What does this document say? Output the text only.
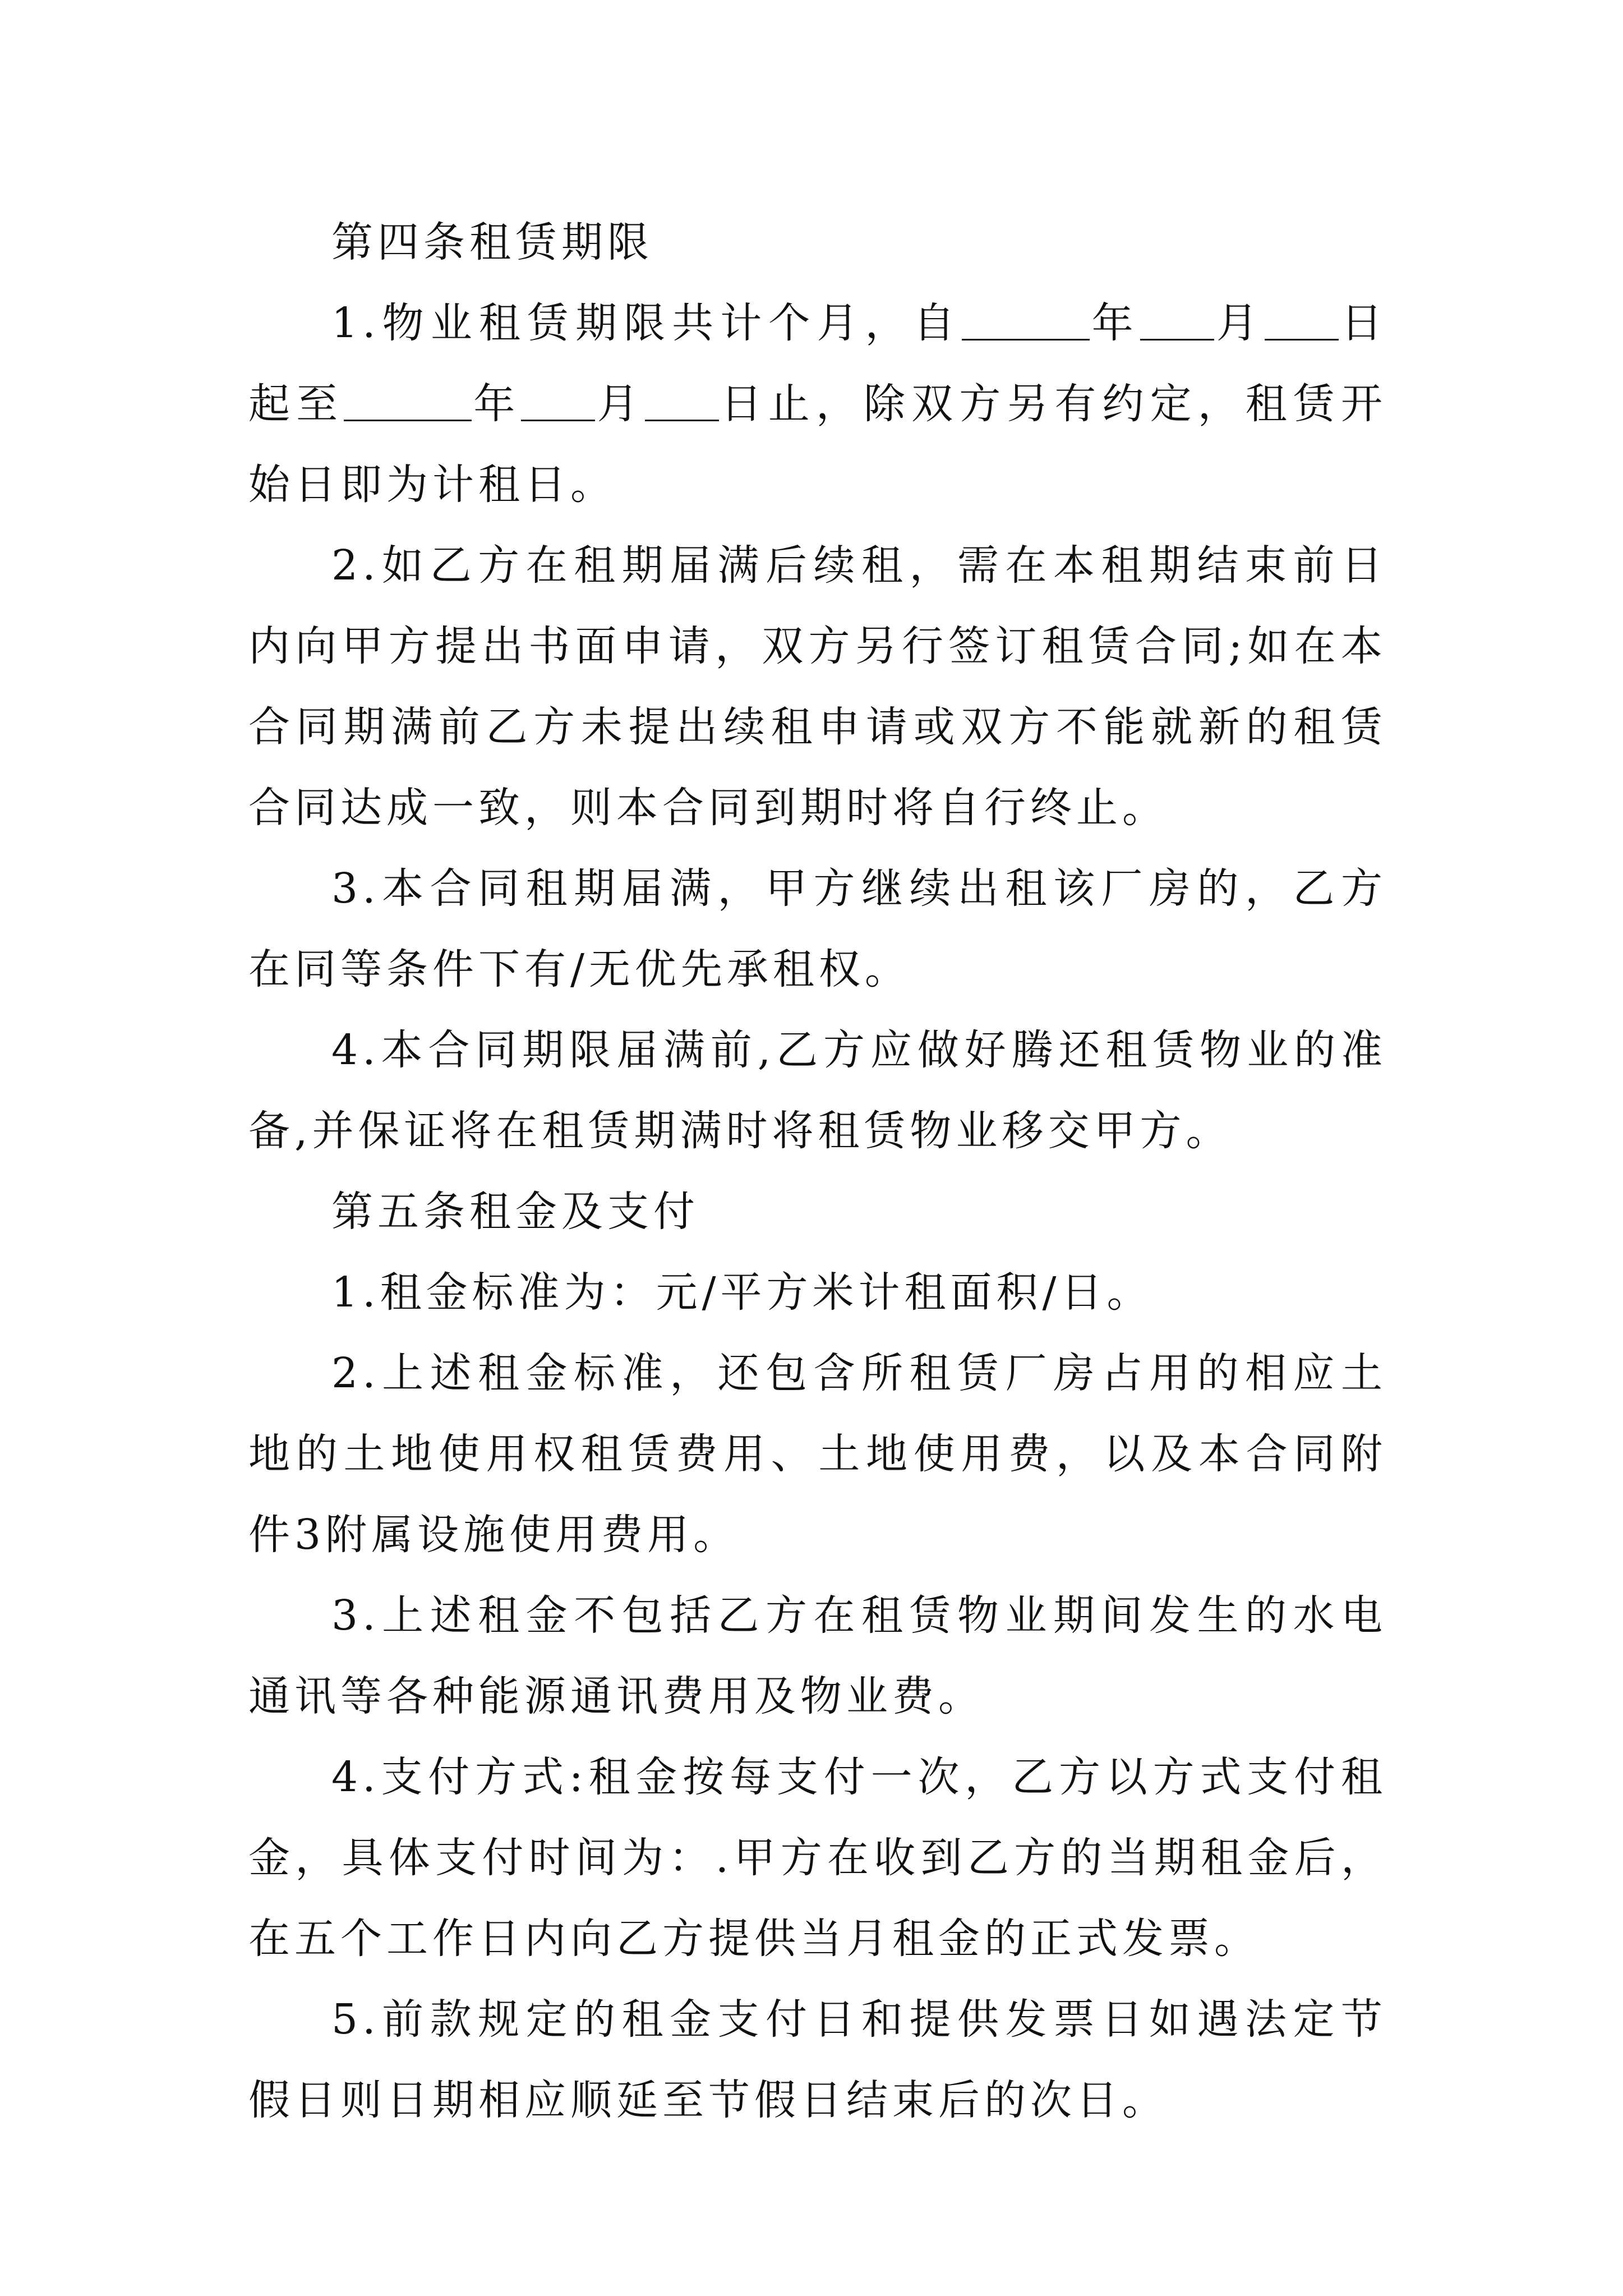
第四条租赁期限

1.物业租赁期限共计个月，自	年 月 日起至	年 月 日止，除双方另有约定，租赁开始日即为计租日。

2.如乙方在租期届满后续租，需在本租期结束前日内向甲方提出书面申请，双方另行签订租赁合同;如在本合同期满前乙方未提出续租申请或双方不能就新的租赁合同达成一致，则本合同到期时将自行终止。

3.本合同租期届满，甲方继续出租该厂房的，乙方在同等条件下有/无优先承租权。

4.本合同期限届满前,乙方应做好腾还租赁物业的准备,并保证将在租赁期满时将租赁物业移交甲方。

第五条租金及支付

1.租金标准为：元/平方米计租面积/日。

2.上述租金标准，还包含所租赁厂房占用的相应土地的土地使用权租赁费用、土地使用费，以及本合同附件3附属设施使用费用。

3.上述租金不包括乙方在租赁物业期间发生的水电通讯等各种能源通讯费用及物业费。

4.支付方式:租金按每支付一次，乙方以方式支付租金，具体支付时间为：.甲方在收到乙方的当期租金后，在五个工作日内向乙方提供当月租金的正式发票。

5.前款规定的租金支付日和提供发票日如遇法定节假日则日期相应顺延至节假日结束后的次日。
